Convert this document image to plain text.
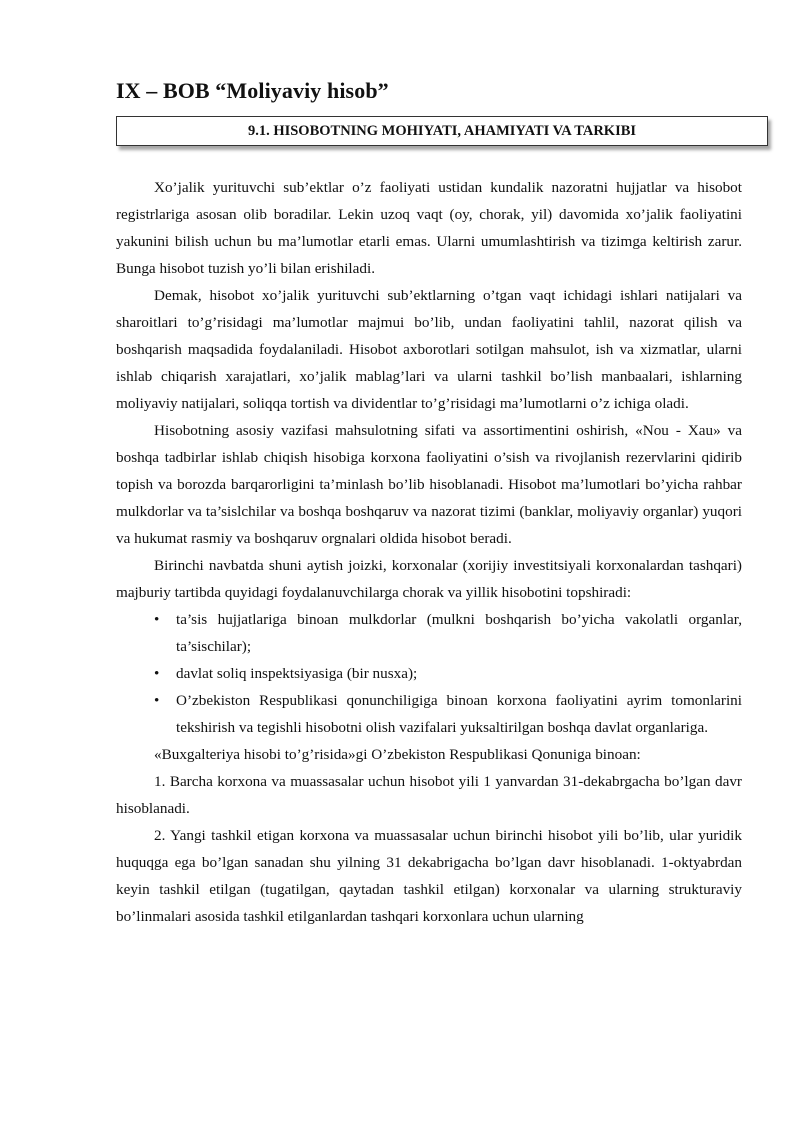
IX – BOB “Moliyaviy hisob”
9.1. HISOBOTNING MOHIYATI, AHAMIYATI VA TARKIBI

Xo’jalik yurituvchi sub’ektlar o’z faoliyati ustidan kundalik nazoratni hujjatlar va hisobot registrlariga asosan olib boradilar. Lekin uzoq vaqt (oy, chorak, yil) davomida xo’jalik faoliyatini yakunini bilish uchun bu ma’lumotlar etarli emas. Ularni umumlashtirish va tizimga keltirish zarur. Bunga hisobot tuzish yo’li bilan erishiladi.

Demak, hisobot xo’jalik yurituvchi sub’ektlarning o’tgan vaqt ichidagi ishlari natijalari va sharoitlari to’g’risidagi ma’lumotlar majmui bo’lib, undan faoliyatini tahlil, nazorat qilish va boshqarish maqsadida foydalaniladi. Hisobot axborotlari sotilgan mahsulot, ish va xizmatlar, ularni ishlab chiqarish xarajatlari, xo’jalik mablag’lari va ularni tashkil bo’lish manbaalari, ishlarning moliyaviy natijalari, soliqqa tortish va dividentlar to’g’risidagi ma’lumotlarni o’z ichiga oladi.

Hisobotning asosiy vazifasi mahsulotning sifati va assortimentini oshirish, «Nou - Xau» va boshqa tadbirlar ishlab chiqish hisobiga korxona faoliyatini o’sish va rivojlanish rezervlarini qidirib topish va borozda barqarorligini ta’minlash bo’lib hisoblanadi. Hisobot ma’lumotlari bo’yicha rahbar mulkdorlar va ta’sislchilar va boshqa boshqaruv va nazorat tizimi (banklar, moliyaviy organlar) yuqori va hukumat rasmiy va boshqaruv orgnalari oldida hisobot beradi.

Birinchi navbatda shuni aytish joizki, korxonalar (xorijiy investitsiyali korxonalardan tashqari) majburiy tartibda quyidagi foydalanuvchilarga chorak va yillik hisobotini topshiradi:

• ta’sis hujjatlariga binoan mulkdorlar (mulkni boshqarish bo’yicha vakolatli organlar, ta’sischilar);
• davlat soliq inspektsiyasiga (bir nusxa);
• O’zbekiston Respublikasi qonunchiligiga binoan korxona faoliyatini ayrim tomonlarini tekshirish va tegishli hisobotni olish vazifalari yuksaltirilgan boshqa davlat organlariga.

«Buxgalteriya hisobi to’g’risida»gi O’zbekiston Respublikasi Qonuniga binoan:

1. Barcha korxona va muassasalar uchun hisobot yili 1 yanvardan 31-dekabrgacha bo’lgan davr hisoblanadi.

2. Yangi tashkil etigan korxona va muassasalar uchun birinchi hisobot yili bo’lib, ular yuridik huquqga ega bo’lgan sanadan shu yilning 31 dekabrigacha bo’lgan davr hisoblanadi. 1-oktyabrdan keyin tashkil etilgan (tugatilgan, qaytadan tashkil etilgan) korxonalar va ularning strukturaviy bo’linmalari asosida tashkil etilganlardan tashqari korxonlara uchun ularning
